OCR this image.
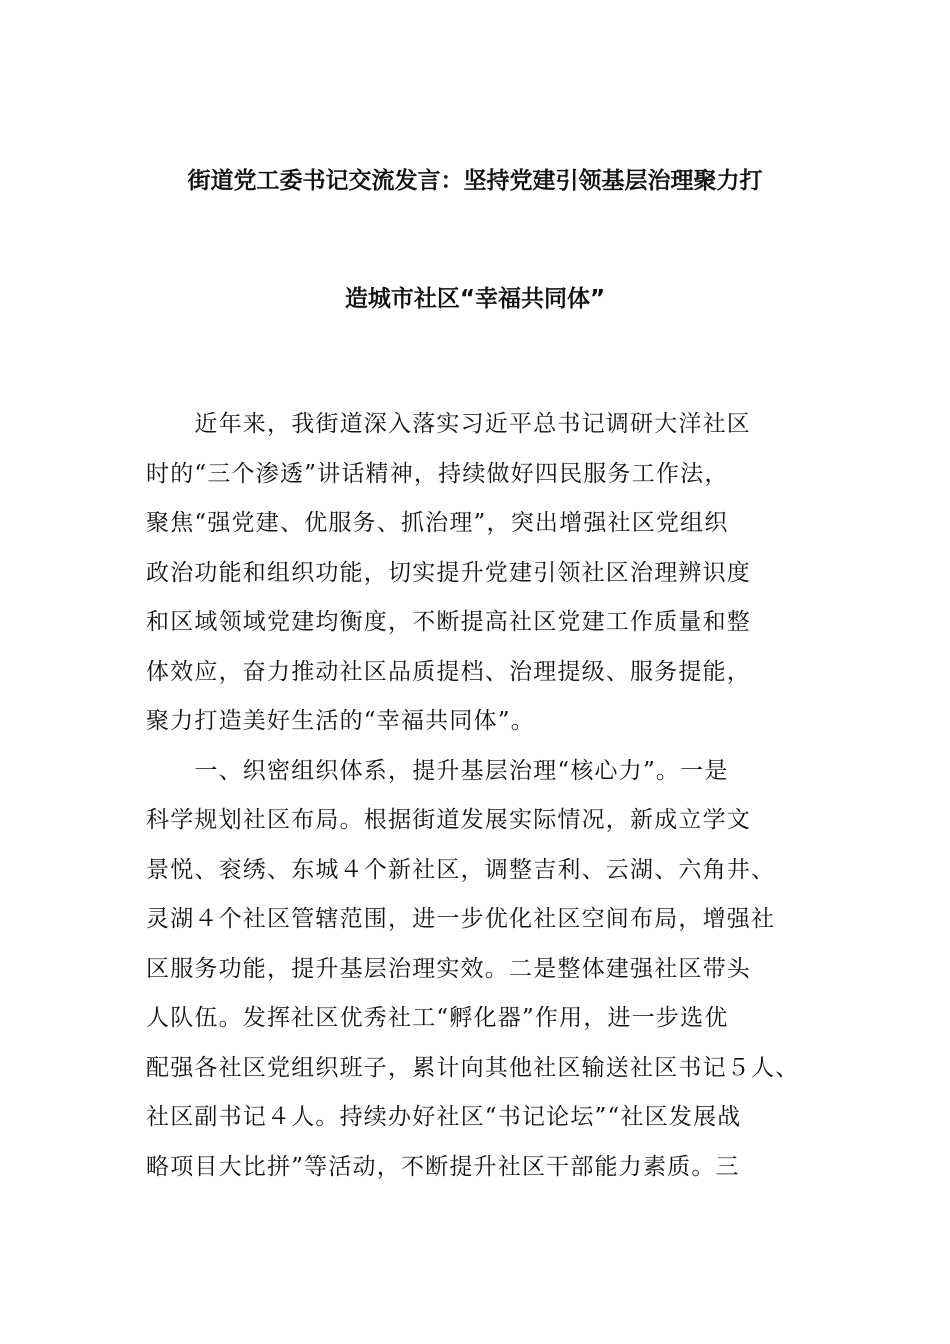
街道党工委书记交流发言：坚持党建引领基层治理聚力打
造城市社区“幸福共同体”

　　近年来，我街道深入落实习近平总书记调研大洋社区
时的“三个渗透”讲话精神，持续做好四民服务工作法，
聚焦“强党建、优服务、抓治理”，突出增强社区党组织
政治功能和组织功能，切实提升党建引领社区治理辨识度
和区域领域党建均衡度，不断提高社区党建工作质量和整
体效应，奋力推动社区品质提档、治理提级、服务提能，
聚力打造美好生活的“幸福共同体”。

　　一、织密组织体系，提升基层治理“核心力”。一是
科学规划社区布局。根据街道发展实际情况，新成立学文
景悦、衮绣、东城４个新社区，调整吉利、云湖、六角井、
灵湖４个社区管辖范围，进一步优化社区空间布局，增强社
区服务功能，提升基层治理实效。二是整体建强社区带头
人队伍。发挥社区优秀社工“孵化器”作用，进一步选优
配强各社区党组织班子，累计向其他社区输送社区书记５人、
社区副书记４人。持续办好社区“书记论坛”“社区发展战
略项目大比拼”等活动，不断提升社区干部能力素质。三
